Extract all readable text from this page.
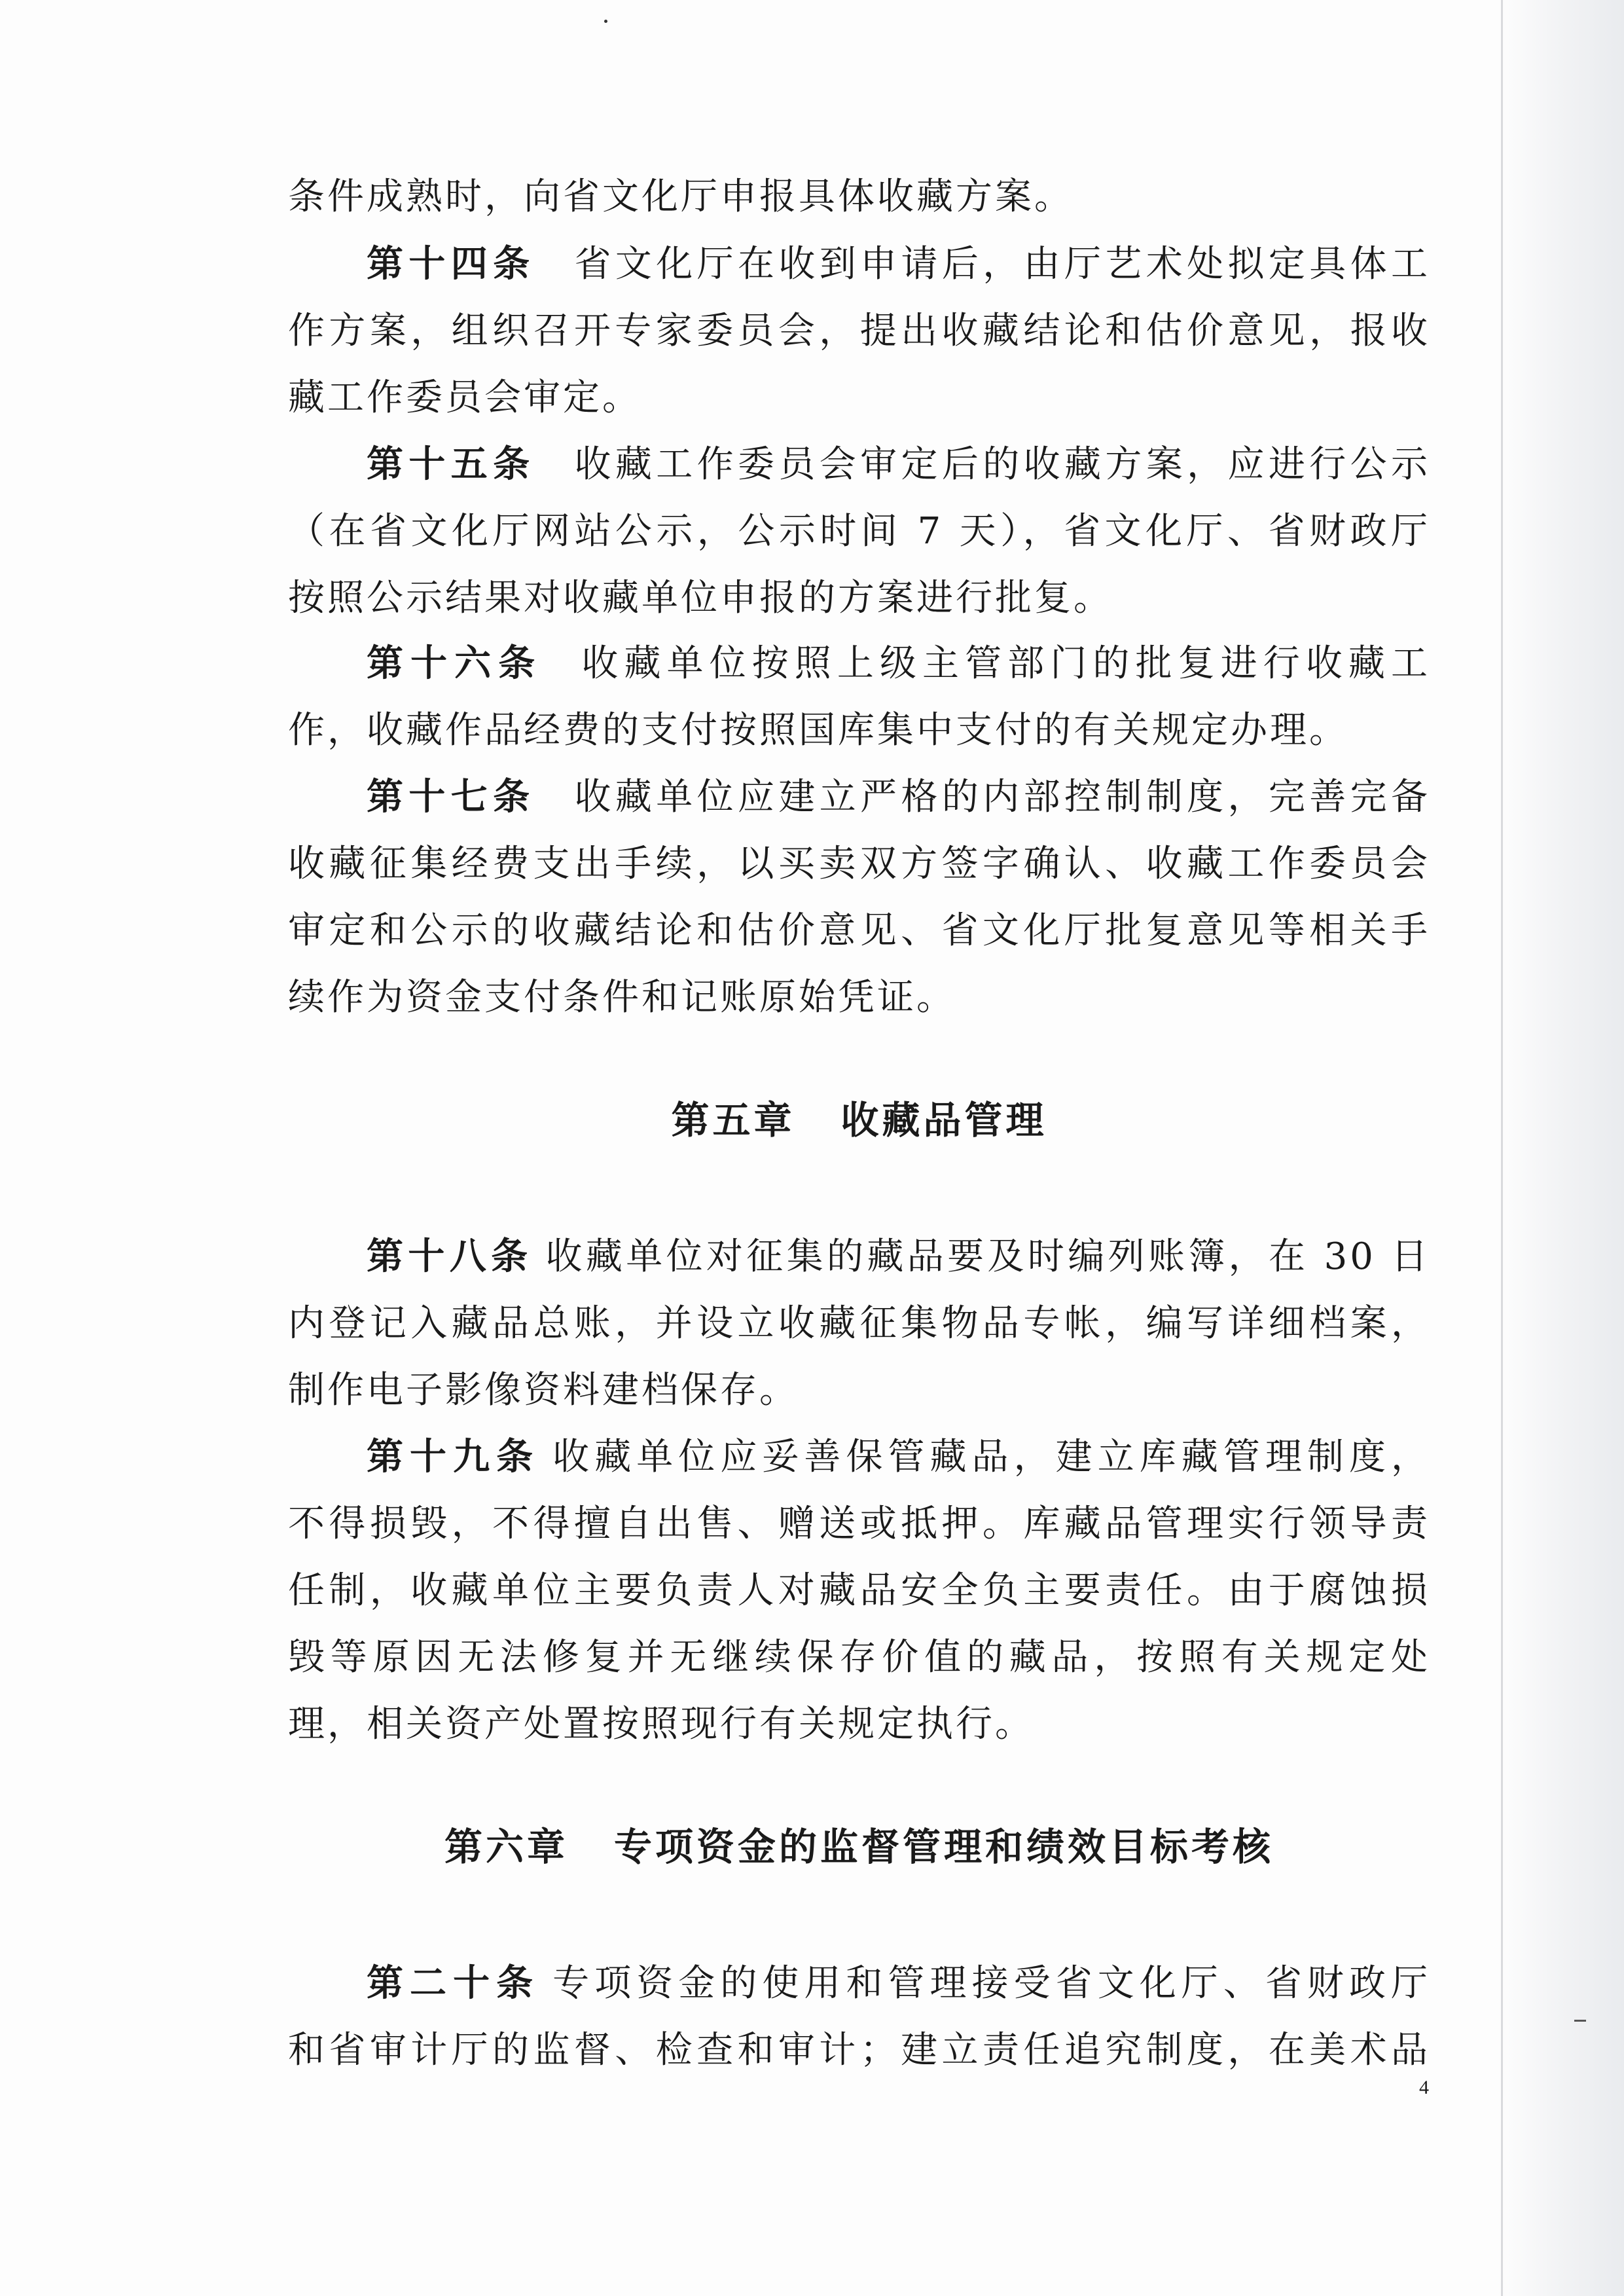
条件成熟时，向省文化厅申报具体收藏方案。

第十四条 省文化厅在收到申请后，由厅艺术处拟定具体工
作方案，组织召开专家委员会，提出收藏结论和估价意见，报收
藏工作委员会审定。

第十五条 收藏工作委员会审定后的收藏方案，应进行公示
（在省文化厅网站公示，公示时间 7 天），省文化厅、省财政厅
按照公示结果对收藏单位申报的方案进行批复。

第十六条 收藏单位按照上级主管部门的批复进行收藏工
作，收藏作品经费的支付按照国库集中支付的有关规定办理。

第十七条 收藏单位应建立严格的内部控制制度，完善完备
收藏征集经费支出手续，以买卖双方签字确认、收藏工作委员会
审定和公示的收藏结论和估价意见、省文化厅批复意见等相关手
续作为资金支付条件和记账原始凭证。

第五章 收藏品管理

第十八条 收藏单位对征集的藏品要及时编列账簿，在 30 日
内登记入藏品总账，并设立收藏征集物品专帐，编写详细档案，
制作电子影像资料建档保存。

第十九条 收藏单位应妥善保管藏品，建立库藏管理制度，
不得损毁，不得擅自出售、赠送或抵押。库藏品管理实行领导责
任制，收藏单位主要负责人对藏品安全负主要责任。由于腐蚀损
毁等原因无法修复并无继续保存价值的藏品，按照有关规定处
理，相关资产处置按照现行有关规定执行。

第六章 专项资金的监督管理和绩效目标考核

第二十条 专项资金的使用和管理接受省文化厅、省财政厅
和省审计厅的监督、检查和审计；建立责任追究制度，在美术品

4
